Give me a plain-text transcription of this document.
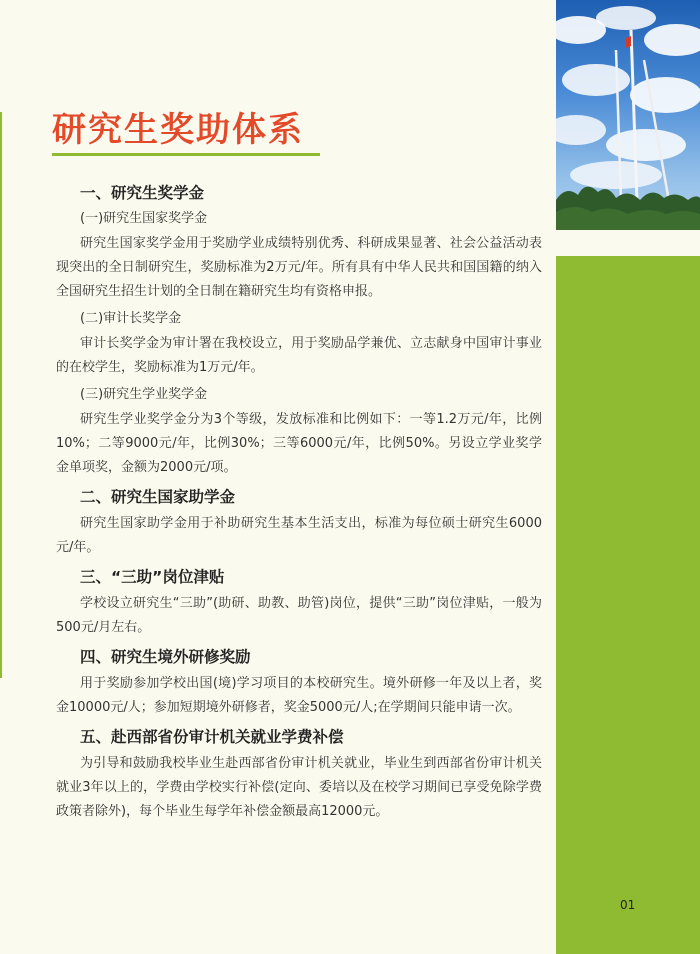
研究生奖助体系
一、研究生奖学金
(一)研究生国家奖学金

研究生国家奖学金用于奖励学业成绩特别优秀、科研成果显著、社会公益活动表现突出的全日制研究生，奖励标准为2万元/年。所有具有中华人民共和国国籍的纳入全国研究生招生计划的全日制在籍研究生均有资格申报。

(二)审计长奖学金

审计长奖学金为审计署在我校设立，用于奖励品学兼优、立志献身中国审计事业的在校学生，奖励标准为1万元/年。

(三)研究生学业奖学金

研究生学业奖学金分为3个等级，发放标准和比例如下：一等1.2万元/年，比例10%；二等9000元/年，比例30%；三等6000元/年，比例50%。另设立学业奖学金单项奖，金额为2000元/项。

二、研究生国家助学金

研究生国家助学金用于补助研究生基本生活支出，标准为每位硕士研究生6000元/年。

三、“三助”岗位津贴

学校设立研究生“三助”(助研、助教、助管)岗位，提供“三助”岗位津贴，一般为500元/月左右。

四、研究生境外研修奖励

用于奖励参加学校出国(境)学习项目的本校研究生。境外研修一年及以上者，奖金10000元/人；参加短期境外研修者，奖金5000元/人;在学期间只能申请一次。

五、赴西部省份审计机关就业学费补偿

为引导和鼓励我校毕业生赴西部省份审计机关就业，毕业生到西部省份审计机关就业3年以上的，学费由学校实行补偿(定向、委培以及在校学习期间已享受免除学费政策者除外)，每个毕业生每学年补偿金额最高12000元。

01
